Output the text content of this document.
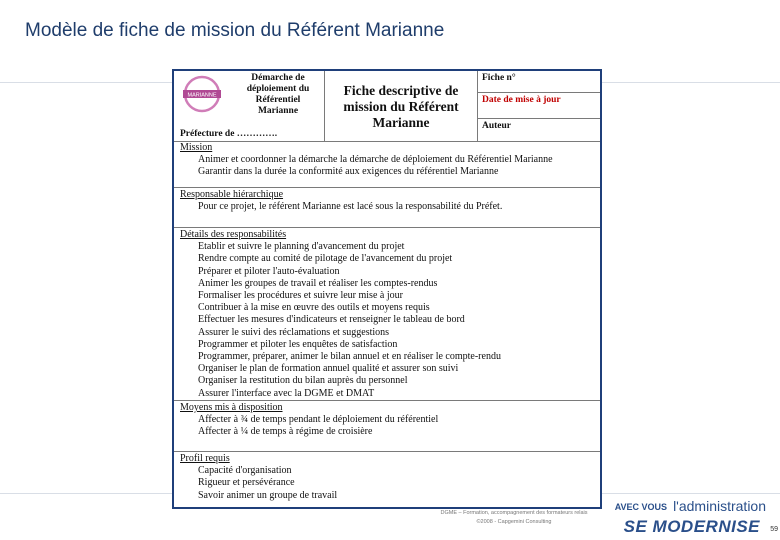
Modèle de fiche de mission du Référent Marianne
MARIANNE
Démarche de
déploiement du
Référentiel
Marianne
Préfecture de ………….
Fiche descriptive de
mission du Référent
Marianne
Fiche n°
Date de mise à jour
Auteur
Mission
Animer et coordonner la démarche la démarche de déploiement du Référentiel Marianne
Garantir dans la durée la conformité aux exigences du référentiel Marianne
Responsable hiérarchique
Pour ce projet, le référent Marianne est lacé sous la responsabilité du Préfet.
Détails des responsabilités
Etablir et suivre le planning d'avancement du projet
Rendre compte au comité de pilotage de l'avancement du projet
Préparer et piloter l'auto-évaluation
Animer les groupes de travail et réaliser les comptes-rendus
Formaliser les procédures et suivre leur mise à jour
Contribuer à la mise en œuvre des outils et moyens requis
Effectuer les mesures d'indicateurs et renseigner le tableau de bord
Assurer le suivi des réclamations et suggestions
Programmer et piloter les enquêtes de satisfaction
Programmer, préparer, animer le bilan annuel et en réaliser le compte-rendu
Organiser le plan de formation annuel qualité et assurer son suivi
Organiser la restitution du bilan auprès du personnel
Assurer l'interface avec la DGME et DMAT
Moyens mis à disposition
Affecter à ¾ de temps pendant le déploiement du référentiel
Affecter à ¼ de temps à régime de croisière
Profil requis
Capacité d'organisation
Rigueur et persévérance
Savoir animer un groupe de travail
DGME – Formation, accompagnement des formateurs relais
©2008 - Capgemini Consulting
AVEC VOUS l'administration
SE MODERNISE 59
